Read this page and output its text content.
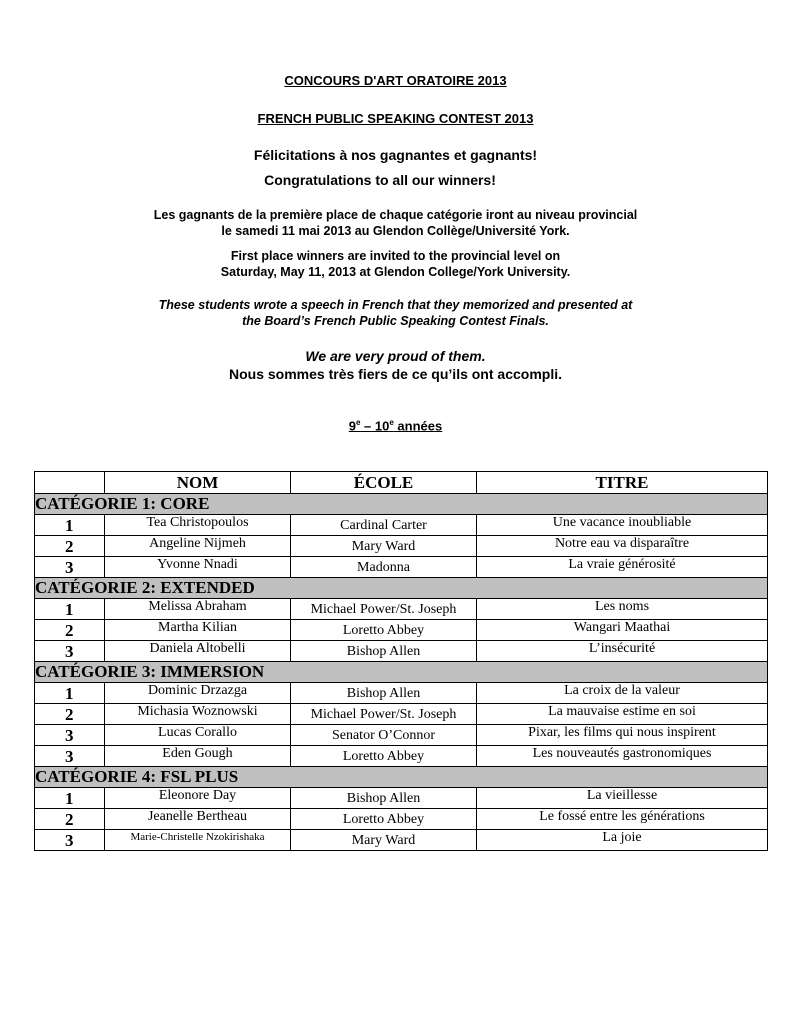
CONCOURS D'ART ORATOIRE 2013
FRENCH PUBLIC SPEAKING CONTEST 2013
Félicitations à nos gagnantes et gagnants!
Congratulations to all our winners!
Les gagnants de la première place de chaque catégorie iront au niveau provincial
le samedi 11 mai 2013 au Glendon Collège/Université York.
First place winners are invited to the provincial level on
Saturday, May 11, 2013 at Glendon College/York University.
These students wrote a speech in French that they memorized and presented at
the Board’s French Public Speaking Contest Finals.
We are very proud of them.
Nous sommes très fiers de ce qu’ils ont accompli.
9e – 10e années
	NOM	ÉCOLE	TITRE
CATÉGORIE 1: CORE			
1	Tea Christopoulos	Cardinal Carter	Une vacance inoubliable
2	Angeline Nijmeh	Mary Ward	Notre eau va disparaître
3	Yvonne Nnadi	Madonna	La vraie générosité
CATÉGORIE 2: EXTENDED			
1	Melissa Abraham	Michael Power/St. Joseph	Les noms
2	Martha Kilian	Loretto Abbey	Wangari Maathai
3	Daniela Altobelli	Bishop Allen	L’insécurité
CATÉGORIE 3: IMMERSION			
1	Dominic Drzazga	Bishop Allen	La croix de la valeur
2	Michasia Woznowski	Michael Power/St. Joseph	La mauvaise estime en soi
3	Lucas Corallo	Senator O’Connor	Pixar, les films qui nous inspirent
3	Eden Gough	Loretto Abbey	Les nouveautés gastronomiques
CATÉGORIE 4: FSL PLUS			
1	Eleonore Day	Bishop Allen	La vieillesse
2	Jeanelle Bertheau	Loretto Abbey	Le fossé entre les générations
3	Marie-Christelle Nzokirishaka	Mary Ward	La joie
